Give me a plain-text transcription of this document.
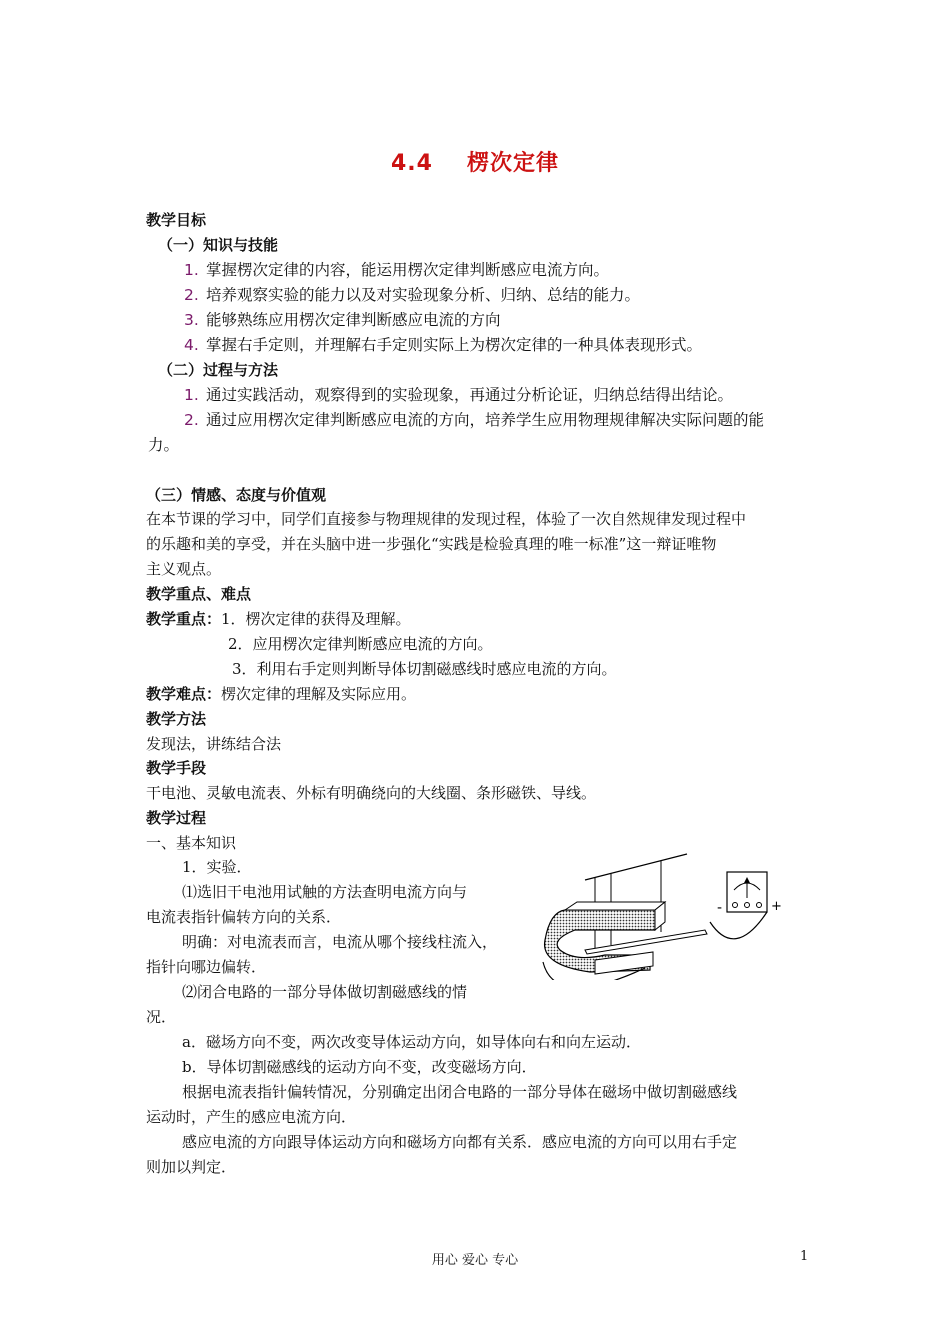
4.4 楞次定律
教学目标
（一）知识与技能
1. 掌握楞次定律的内容，能运用楞次定律判断感应电流方向。
2. 培养观察实验的能力以及对实验现象分析、归纳、总结的能力。
3. 能够熟练应用楞次定律判断感应电流的方向
4. 掌握右手定则，并理解右手定则实际上为楞次定律的一种具体表现形式。
（二）过程与方法
1. 通过实践活动，观察得到的实验现象，再通过分析论证，归纳总结得出结论。
2. 通过应用楞次定律判断感应电流的方向，培养学生应用物理规律解决实际问题的能
力。
（三）情感、态度与价值观
在本节课的学习中，同学们直接参与物理规律的发现过程，体验了一次自然规律发现过程中
的乐趣和美的享受，并在头脑中进一步强化“实践是检验真理的唯一标准”这一辩证唯物
主义观点。
教学重点、难点
教学重点：1．楞次定律的获得及理解。
2．应用楞次定律判断感应电流的方向。
3．利用右手定则判断导体切割磁感线时感应电流的方向。
教学难点：楞次定律的理解及实际应用。
教学方法
发现法，讲练结合法
教学手段
干电池、灵敏电流表、外标有明确绕向的大线圈、条形磁铁、导线。
教学过程
一、基本知识
1．实验．
⑴选旧干电池用试触的方法查明电流方向与
电流表指针偏转方向的关系．
明确：对电流表而言，电流从哪个接线柱流入，
指针向哪边偏转．
⑵闭合电路的一部分导体做切割磁感线的情
况．
a．磁场方向不变，两次改变导体运动方向，如导体向右和向左运动．
b．导体切割磁感线的运动方向不变，改变磁场方向．
根据电流表指针偏转情况，分别确定出闭合电路的一部分导体在磁场中做切割磁感线
运动时，产生的感应电流方向．
感应电流的方向跟导体运动方向和磁场方向都有关系．感应电流的方向可以用右手定
则加以判定．
-	+
用心 爱心 专心	1
